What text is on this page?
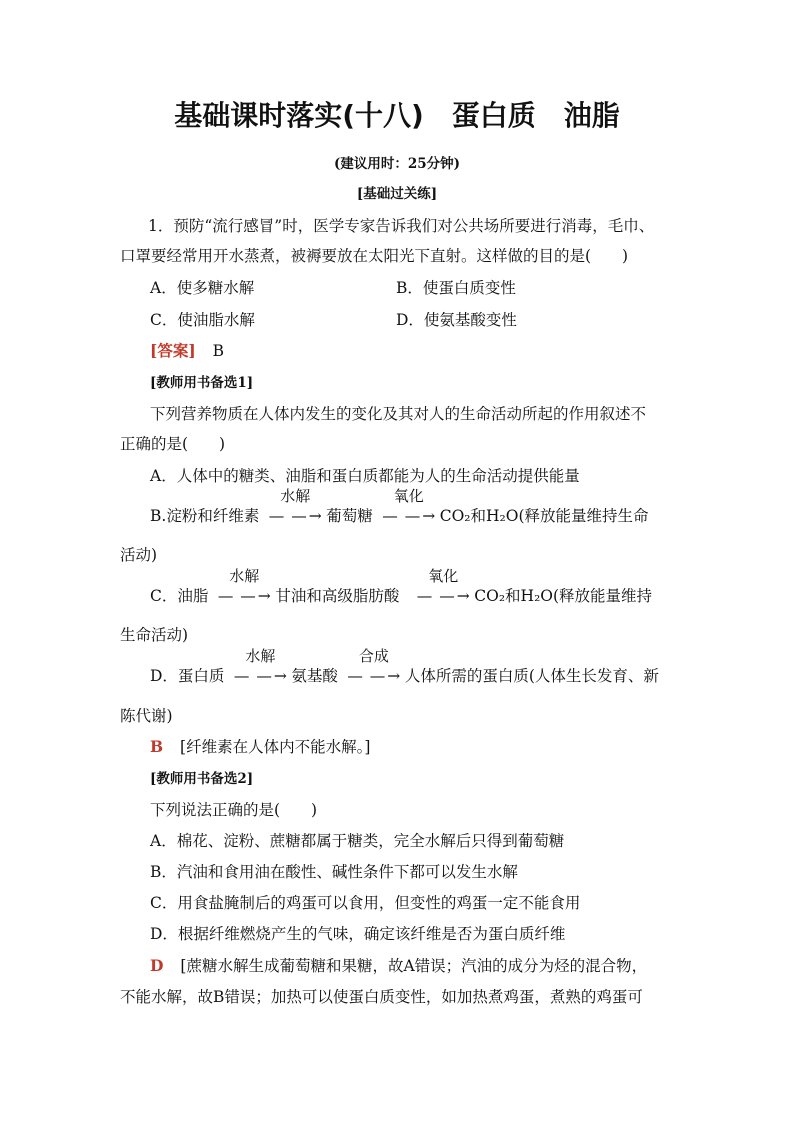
基础课时落实(十八)　蛋白质　油脂
(建议用时：25分钟)
[基础过关练]
1．预防“流行感冒”时，医学专家告诉我们对公共场所要进行消毒，毛巾、
口罩要经常用开水蒸煮，被褥要放在太阳光下直射。这样做的目的是(　　)
A．使多糖水解	B．使蛋白质变性
C．使油脂水解	D．使氨基酸变性
[答案] B
[教师用书备选1]
下列营养物质在人体内发生的变化及其对人的生命活动所起的作用叙述不
正确的是(　　)
A．人体中的糖类、油脂和蛋白质都能为人的生命活动提供能量
B.淀粉和纤维素
水解
— —→ 葡萄糖
氧化
— —→ CO₂和H₂O(释放能量维持生命
活动)
C．油脂
水解
— —→ 甘油和高级脂肪酸
氧化
— —→ CO₂和H₂O(释放能量维持
生命活动)
D．蛋白质
水解
— —→ 氨基酸
合成
— —→ 人体所需的蛋白质(人体生长发育、新
陈代谢)
B [纤维素在人体内不能水解。]
[教师用书备选2]
下列说法正确的是(　　)
A．棉花、淀粉、蔗糖都属于糖类，完全水解后只得到葡萄糖
B．汽油和食用油在酸性、碱性条件下都可以发生水解
C．用食盐腌制后的鸡蛋可以食用，但变性的鸡蛋一定不能食用
D．根据纤维燃烧产生的气味，确定该纤维是否为蛋白质纤维
D [蔗糖水解生成葡萄糖和果糖，故A错误；汽油的成分为烃的混合物，
不能水解，故B错误；加热可以使蛋白质变性，如加热煮鸡蛋，煮熟的鸡蛋可
